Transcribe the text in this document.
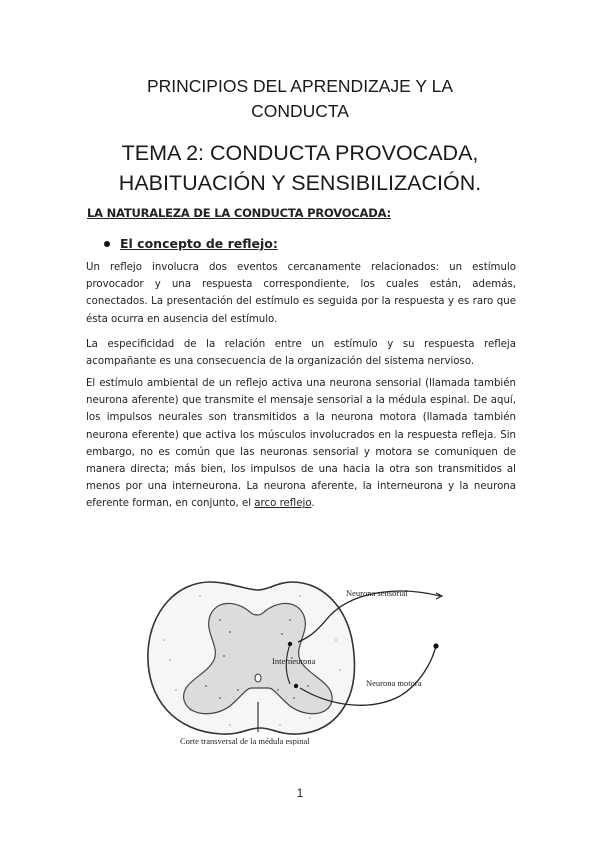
PRINCIPIOS DEL APRENDIZAJE Y LA
CONDUCTA
TEMA 2: CONDUCTA PROVOCADA,
HABITUACIÓN Y SENSIBILIZACIÓN.
LA NATURALEZA DE LA CONDUCTA PROVOCADA:
El concepto de reflejo:
Un reflejo involucra dos eventos cercanamente relacionados: un estímulo provocador y una respuesta correspondiente, los cuales están, además, conectados. La presentación del estímulo es seguida por la respuesta y es raro que ésta ocurra en ausencia del estímulo.
La especificidad de la relación entre un estímulo y su respuesta refleja acompañante es una consecuencia de la organización del sistema nervioso.
El estímulo ambiental de un reflejo activa una neurona sensorial (llamada también neurona aferente) que transmite el mensaje sensorial a la médula espinal. De aquí, los impulsos neurales son transmitidos a la neurona motora (llamada también neurona eferente) que activa los músculos involucrados en la respuesta refleja. Sin embargo, no es común que las neuronas sensorial y motora se comuniquen de manera directa; más bien, los impulsos de una hacia la otra son transmitidos al menos por una interneurona. La neurona aferente, la interneurona y la neurona eferente forman, en conjunto, el arco reflejo.
Neurona sensorial
Interneurona
Neurona motora
Corte transversal de la médula espinal
1
